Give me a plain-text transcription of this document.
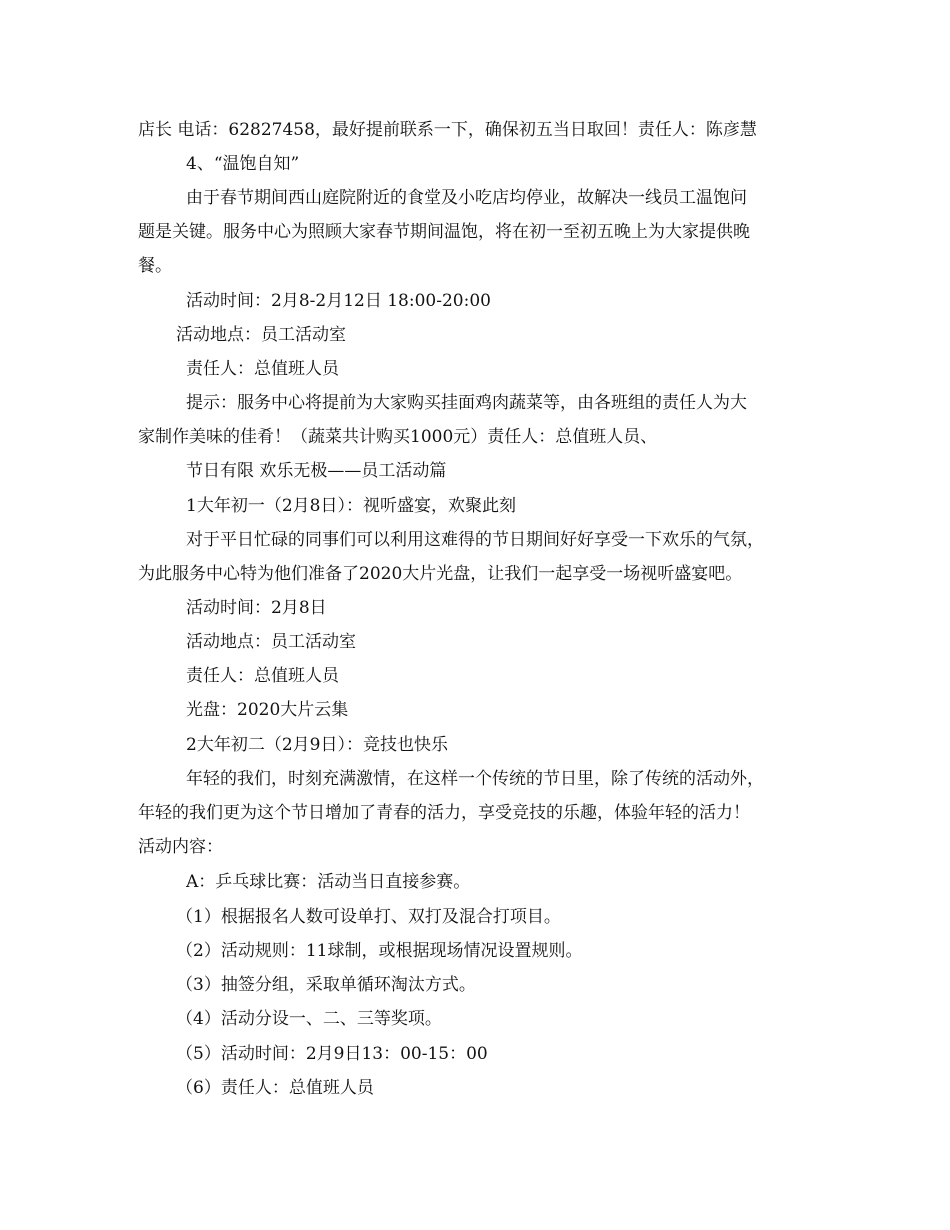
店长 电话：62827458，最好提前联系一下，确保初五当日取回！责任人：陈彦慧
4、“温饱自知”
由于春节期间西山庭院附近的食堂及小吃店均停业，故解决一线员工温饱问
题是关键。服务中心为照顾大家春节期间温饱，将在初一至初五晚上为大家提供晚
餐。
活动时间：2月8-2月12日 18:00-20:00
活动地点：员工活动室
责任人：总值班人员
提示：服务中心将提前为大家购买挂面鸡肉蔬菜等，由各班组的责任人为大
家制作美味的佳肴！（蔬菜共计购买1000元）责任人：总值班人员、
节日有限 欢乐无极——员工活动篇
1大年初一（2月8日）：视听盛宴，欢聚此刻
对于平日忙碌的同事们可以利用这难得的节日期间好好享受一下欢乐的气氛，
为此服务中心特为他们准备了2020大片光盘，让我们一起享受一场视听盛宴吧。
活动时间：2月8日
活动地点：员工活动室
责任人：总值班人员
光盘：2020大片云集
2大年初二（2月9日）：竞技也快乐
年轻的我们，时刻充满激情，在这样一个传统的节日里，除了传统的活动外，
年轻的我们更为这个节日增加了青春的活力，享受竞技的乐趣，体验年轻的活力！
活动内容：
A：乒乓球比赛：活动当日直接参赛。
（1）根据报名人数可设单打、双打及混合打项目。
（2）活动规则：11球制，或根据现场情况设置规则。
（3）抽签分组，采取单循环淘汰方式。
（4）活动分设一、二、三等奖项。
（5）活动时间：2月9日13：00-15：00
（6）责任人：总值班人员
